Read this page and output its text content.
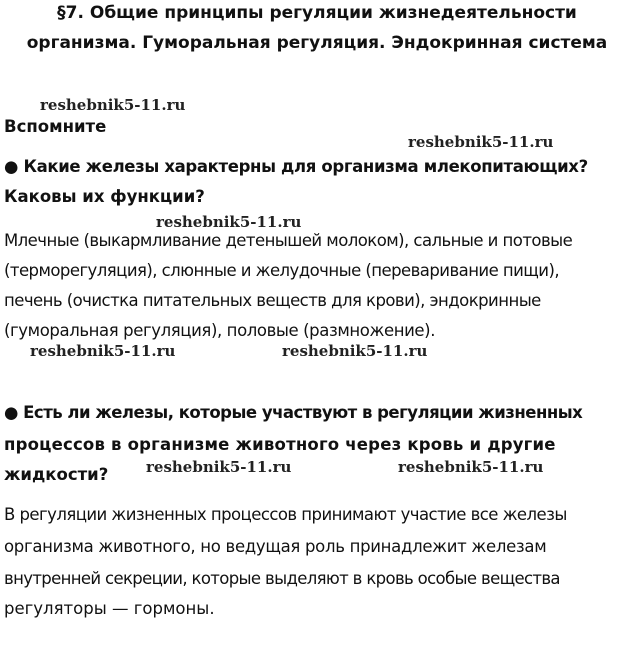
§7. Общие принципы регуляции жизнедеятельности
организма. Гуморальная регуляция. Эндокринная система
reshebnik5-11.ru
reshebnik5-11.ru
reshebnik5-11.ru
reshebnik5-11.ru	reshebnik5-11.ru
reshebnik5-11.ru	reshebnik5-11.ru
Вспомните
● Какие железы характерны для организма млекопитающих?
Каковы их функции?
Млечные (выкармливание детенышей молоком), сальные и потовые
(терморегуляция), слюнные и желудочные (переваривание пищи),
печень (очистка питательных веществ для крови), эндокринные
(гуморальная регуляция), половые (размножение).
● Есть ли железы, которые участвуют в регуляции жизненных
процессов в организме животного через кровь и другие
жидкости?
В регуляции жизненных процессов принимают участие все железы
организма животного, но ведущая роль принадлежит железам
внутренней секреции, которые выделяют в кровь особые вещества
регуляторы — гормоны.
